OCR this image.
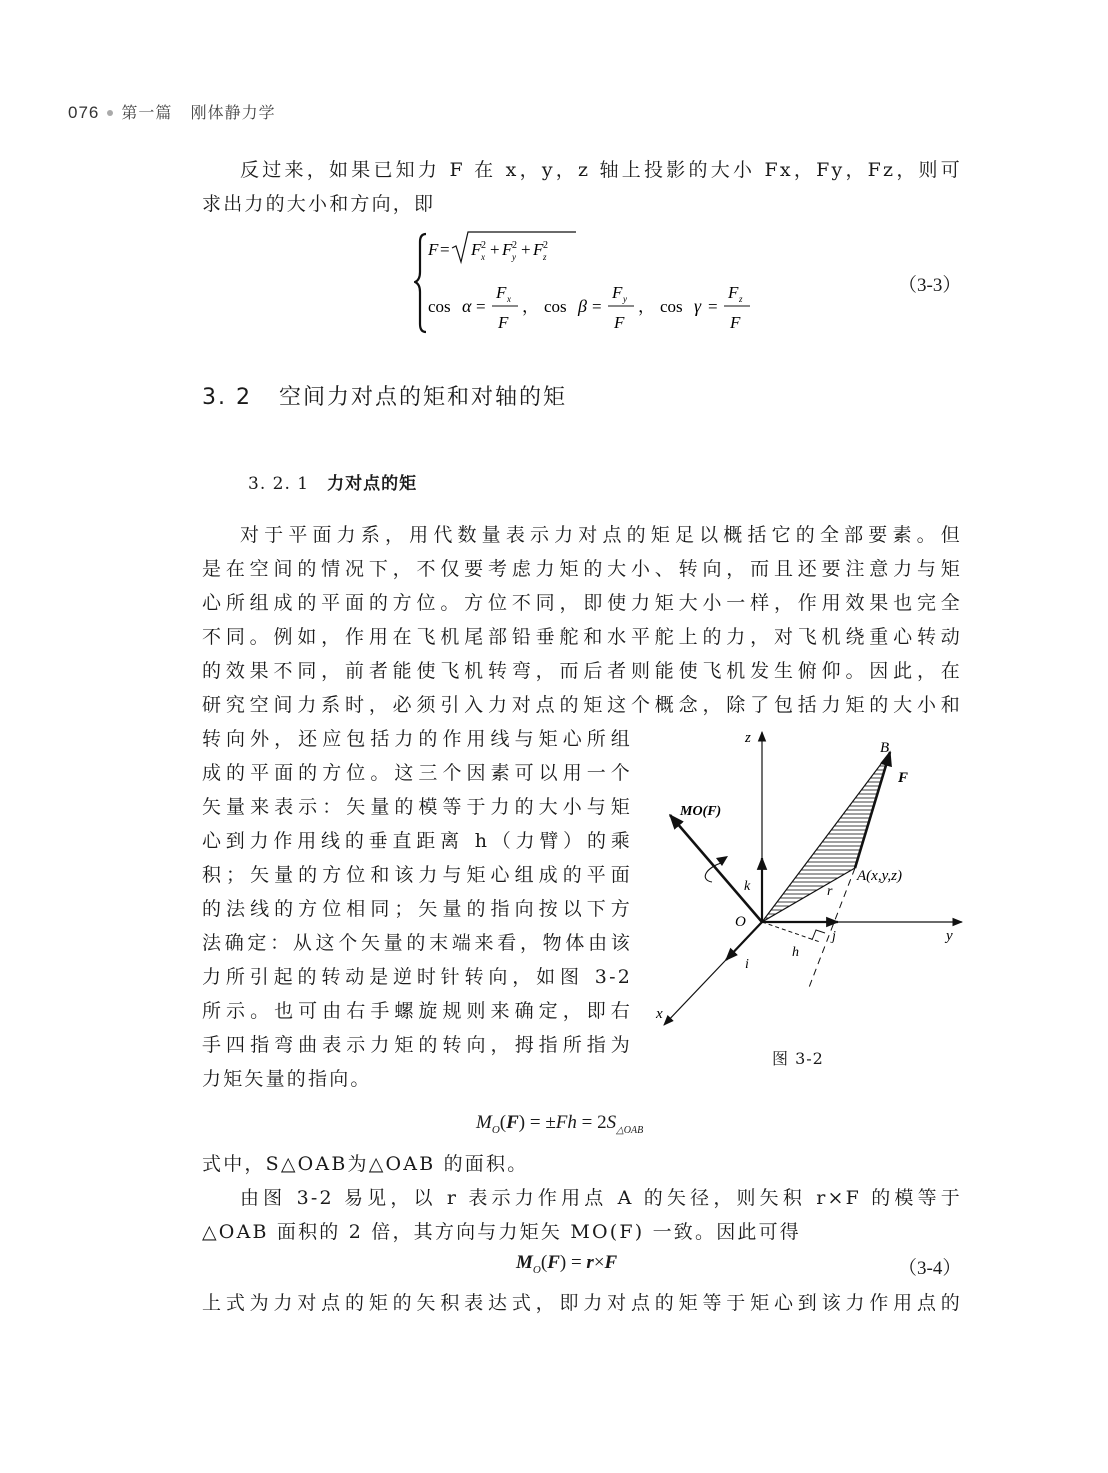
076 第一篇 刚体静力学
反过来，如果已知力 F 在 x，y，z 轴上投影的大小 Fx，Fy，Fz，则可
求出力的大小和方向，即
F = F 2
x + F 2
y + F 2
z
cos α =
F x
F
， cos β =
F y
F
， cos γ =
F z
F
（3-3）
3. 2 空间力对点的矩和对轴的矩
3. 2. 1 力对点的矩
对于平面力系，用代数量表示力对点的矩足以概括它的全部要素。但
是在空间的情况下，不仅要考虑力矩的大小、转向，而且还要注意力与矩
心所组成的平面的方位。方位不同，即使力矩大小一样，作用效果也完全
不同。例如，作用在飞机尾部铅垂舵和水平舵上的力，对飞机绕重心转动
的效果不同，前者能使飞机转弯，而后者则能使飞机发生俯仰。因此，在
研究空间力系时，必须引入力对点的矩这个概念，除了包括力矩的大小和
转向外，还应包括力的作用线与矩心所组
成的平面的方位。这三个因素可以用一个
矢量来表示：矢量的模等于力的大小与矩
心到力作用线的垂直距离 h（力臂）的乘
积；矢量的方位和该力与矩心组成的平面
的法线的方位相同；矢量的指向按以下方
法确定：从这个矢量的末端来看，物体由该
力所引起的转动是逆时针转向，如图 3-2
所示。也可由右手螺旋规则来确定，即右
手四指弯曲表示力矩的转向，拇指所指为
力矩矢量的指向。
z
y
x
O
B
F
A(x,y,z)
r
h
i
j
k
MO(F)
图 3-2
$M_O(F) = \pm Fh = 2S_{\triangle OAB}$
式中，S△OAB为△OAB 的面积。
由图 3-2 易见，以 r 表示力作用点 A 的矢径，则矢积 r×F 的模等于
△OAB 面积的 2 倍，其方向与力矩矢 MO(F) 一致。因此可得
$M_O(F) = r\times F$	（3-4）
上式为力对点的矩的矢积表达式，即力对点的矩等于矩心到该力作用点的
